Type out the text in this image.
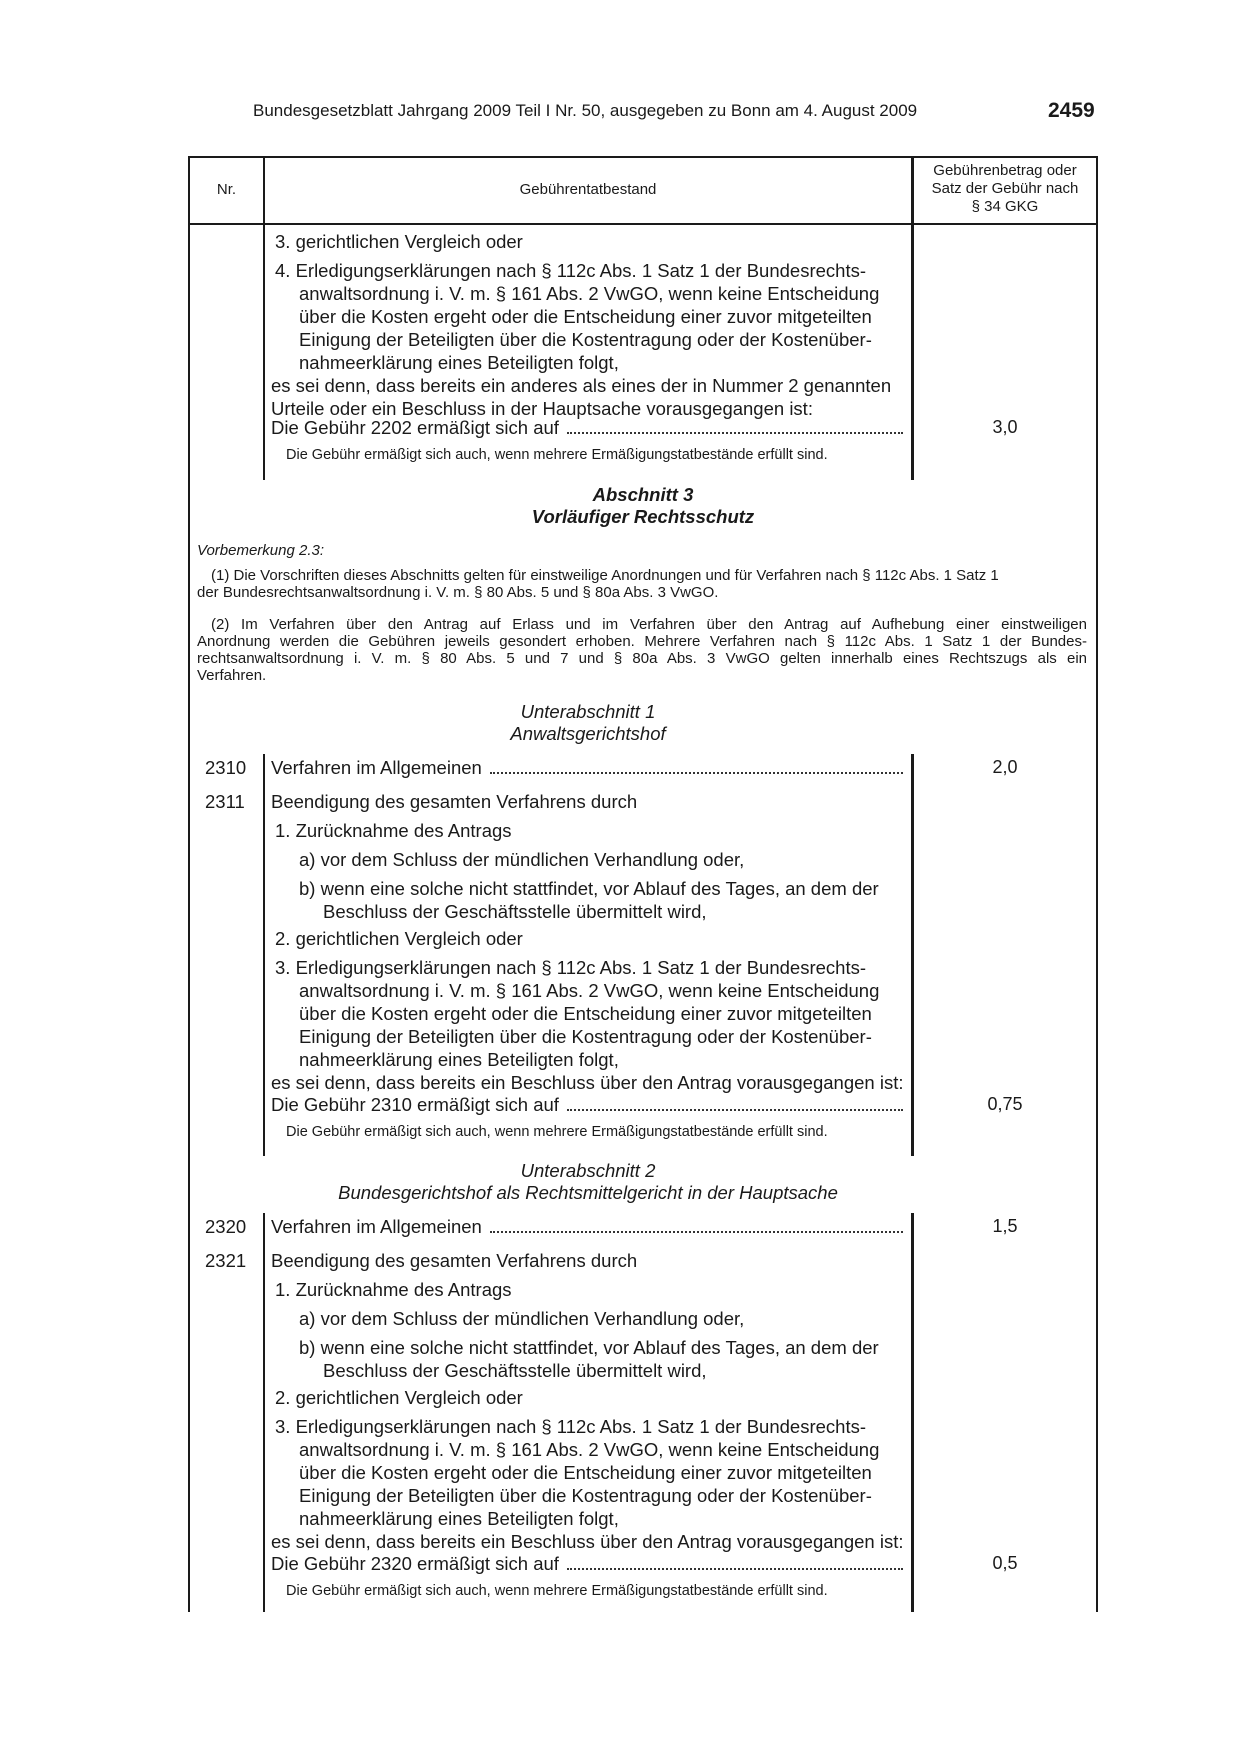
Bundesgesetzblatt Jahrgang 2009 Teil I Nr. 50, ausgegeben zu Bonn am 4. August 2009	2459
Nr.	Gebührentatbestand
Gebührenbetrag oder
Satz der Gebühr nach
§ 34 GKG
3. gerichtlichen Vergleich oder
4. Erledigungserklärungen nach § 112c Abs. 1 Satz 1 der Bundesrechts-
anwaltsordnung i. V. m. § 161 Abs. 2 VwGO, wenn keine Entscheidung
über die Kosten ergeht oder die Entscheidung einer zuvor mitgeteilten
Einigung der Beteiligten über die Kostentragung oder der Kostenüber-
nahmeerklärung eines Beteiligten folgt,
es sei denn, dass bereits ein anderes als eines der in Nummer 2 genannten
Urteile oder ein Beschluss in der Hauptsache vorausgegangen ist:
Die Gebühr 2202 ermäßigt sich auf	3,0
Die Gebühr ermäßigt sich auch, wenn mehrere Ermäßigungstatbestände erfüllt sind.
Abschnitt 3
Vorläufiger Rechtsschutz
Vorbemerkung 2.3:
(1) Die Vorschriften dieses Abschnitts gelten für einstweilige Anordnungen und für Verfahren nach § 112c Abs. 1 Satz 1
der Bundesrechtsanwaltsordnung i. V. m. § 80 Abs. 5 und § 80a Abs. 3 VwGO.
(2) Im Verfahren über den Antrag auf Erlass und im Verfahren über den Antrag auf Aufhebung einer einstweiligen
Anordnung werden die Gebühren jeweils gesondert erhoben. Mehrere Verfahren nach § 112c Abs. 1 Satz 1 der Bundes-
rechtsanwaltsordnung i. V. m. § 80 Abs. 5 und 7 und § 80a Abs. 3 VwGO gelten innerhalb eines Rechtszugs als ein
Verfahren.
Unterabschnitt 1
Anwaltsgerichtshof
2310 Verfahren im Allgemeinen	2,0
2311 Beendigung des gesamten Verfahrens durch
1. Zurücknahme des Antrags
a) vor dem Schluss der mündlichen Verhandlung oder,
b) wenn eine solche nicht stattfindet, vor Ablauf des Tages, an dem der
Beschluss der Geschäftsstelle übermittelt wird,
2. gerichtlichen Vergleich oder
3. Erledigungserklärungen nach § 112c Abs. 1 Satz 1 der Bundesrechts-
anwaltsordnung i. V. m. § 161 Abs. 2 VwGO, wenn keine Entscheidung
über die Kosten ergeht oder die Entscheidung einer zuvor mitgeteilten
Einigung der Beteiligten über die Kostentragung oder der Kostenüber-
nahmeerklärung eines Beteiligten folgt,
es sei denn, dass bereits ein Beschluss über den Antrag vorausgegangen ist:
Die Gebühr 2310 ermäßigt sich auf	0,75
Die Gebühr ermäßigt sich auch, wenn mehrere Ermäßigungstatbestände erfüllt sind.
Unterabschnitt 2
Bundesgerichtshof als Rechtsmittelgericht in der Hauptsache
2320 Verfahren im Allgemeinen	1,5
2321 Beendigung des gesamten Verfahrens durch
1. Zurücknahme des Antrags
a) vor dem Schluss der mündlichen Verhandlung oder,
b) wenn eine solche nicht stattfindet, vor Ablauf des Tages, an dem der
Beschluss der Geschäftsstelle übermittelt wird,
2. gerichtlichen Vergleich oder
3. Erledigungserklärungen nach § 112c Abs. 1 Satz 1 der Bundesrechts-
anwaltsordnung i. V. m. § 161 Abs. 2 VwGO, wenn keine Entscheidung
über die Kosten ergeht oder die Entscheidung einer zuvor mitgeteilten
Einigung der Beteiligten über die Kostentragung oder der Kostenüber-
nahmeerklärung eines Beteiligten folgt,
es sei denn, dass bereits ein Beschluss über den Antrag vorausgegangen ist:
Die Gebühr 2320 ermäßigt sich auf	0,5
Die Gebühr ermäßigt sich auch, wenn mehrere Ermäßigungstatbestände erfüllt sind.
